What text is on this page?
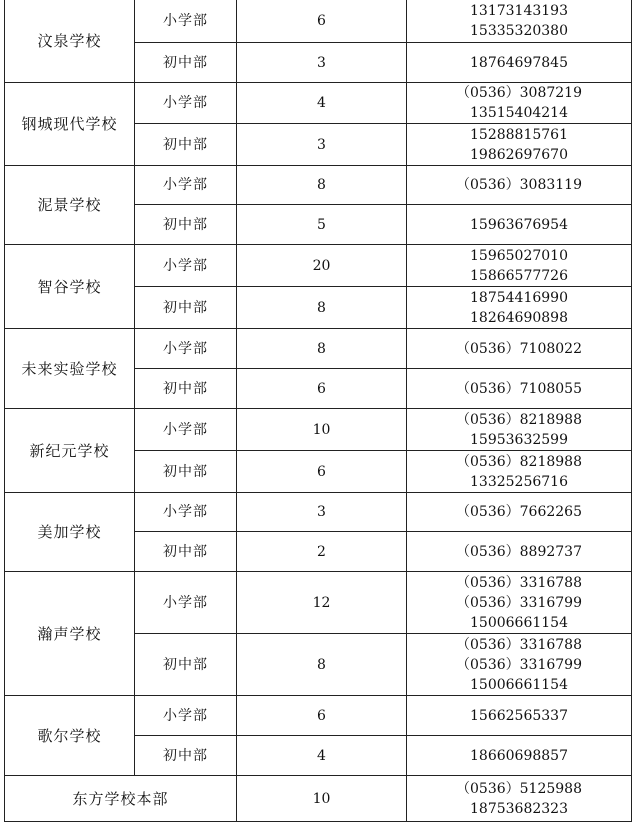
汶泉学校	小学部	6	13173143193
15335320380

	初中部	3	18764697845

钢城现代学校	小学部	4	（0536）3087219
13515404214

	初中部	3	15288815761
19862697670

泥景学校	小学部	8	（0536）3083119

	初中部	5	15963676954

智谷学校	小学部	20	15965027010
15866577726

	初中部	8	18754416990
18264690898

未来实验学校	小学部	8	（0536）7108022

	初中部	6	（0536）7108055

新纪元学校	小学部	10	（0536）8218988
15953632599

	初中部	6	（0536）8218988
13325256716

美加学校	小学部	3	（0536）7662265

	初中部	2	（0536）8892737

瀚声学校	小学部	12	（0536）3316788
（0536）3316799
15006661154

	初中部	8	（0536）3316788
（0536）3316799
15006661154

歌尔学校	小学部	6	15662565337

	初中部	4	18660698857

东方学校本部		10	（0536）5125988
18753682323
